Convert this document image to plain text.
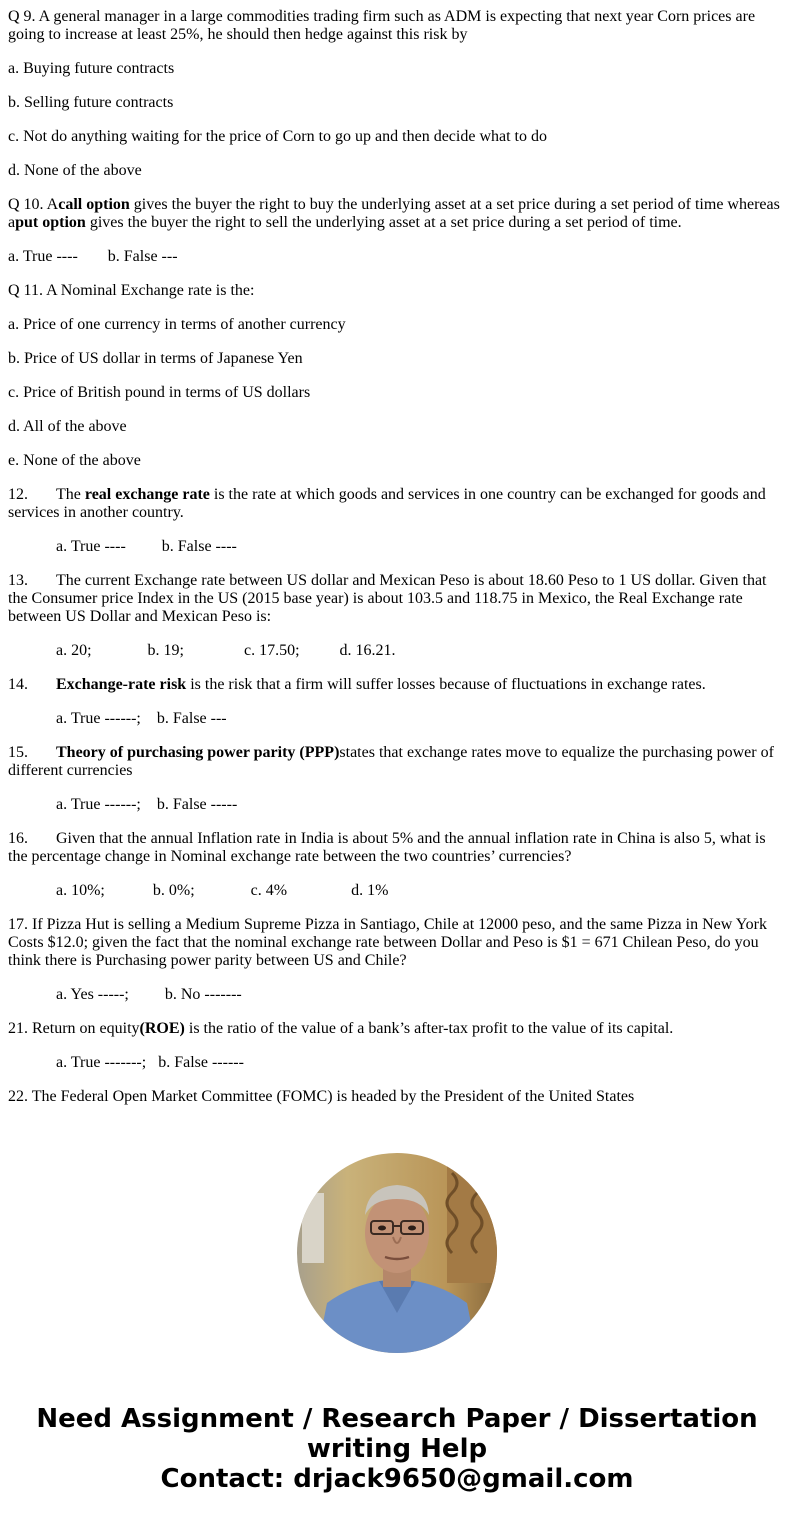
Q 9. A general manager in a large commodities trading firm such as ADM is expecting that next year Corn prices are going to increase at least 25%, he should then hedge against this risk by

a. Buying future contracts

b. Selling future contracts

c. Not do anything waiting for the price of Corn to go up and then decide what to do

d. None of the above

Q 10. Acall option gives the buyer the right to buy the underlying asset at a set price during a set period of time whereas aput option gives the buyer the right to sell the underlying asset at a set price during a set period of time.

a. True ---- b. False ---

Q 11. A Nominal Exchange rate is the:

a. Price of one currency in terms of another currency

b. Price of US dollar in terms of Japanese Yen

c. Price of British pound in terms of US dollars

d. All of the above

e. None of the above

12. The real exchange rate is the rate at which goods and services in one country can be exchanged for goods and services in another country.

a. True ---- b. False ----

13. The current Exchange rate between US dollar and Mexican Peso is about 18.60 Peso to 1 US dollar. Given that the Consumer price Index in the US (2015 base year) is about 103.5 and 118.75 in Mexico, the Real Exchange rate between US Dollar and Mexican Peso is:

a. 20;	b. 19;	c. 17.50;	d. 16.21.

14. Exchange-rate risk is the risk that a firm will suffer losses because of fluctuations in exchange rates.

a. True ------; b. False ---

15. Theory of purchasing power parity (PPP)states that exchange rates move to equalize the purchasing power of different currencies

a. True ------; b. False -----

16. Given that the annual Inflation rate in India is about 5% and the annual inflation rate in China is also 5, what is the percentage change in Nominal exchange rate between the two countries’ currencies?

a. 10%;	b. 0%;	c. 4%	d. 1%

17. If Pizza Hut is selling a Medium Supreme Pizza in Santiago, Chile at 12000 peso, and the same Pizza in New York Costs $12.0; given the fact that the nominal exchange rate between Dollar and Peso is $1 = 671 Chilean Peso, do you think there is Purchasing power parity between US and Chile?

a. Yes -----; b. No -------

21. Return on equity(ROE) is the ratio of the value of a bank’s after-tax profit to the value of its capital.

a. True -------; b. False ------

22. The Federal Open Market Committee (FOMC) is headed by the President of the United States

Need Assignment / Research Paper / Dissertation writing Help
Contact: drjack9650@gmail.com
